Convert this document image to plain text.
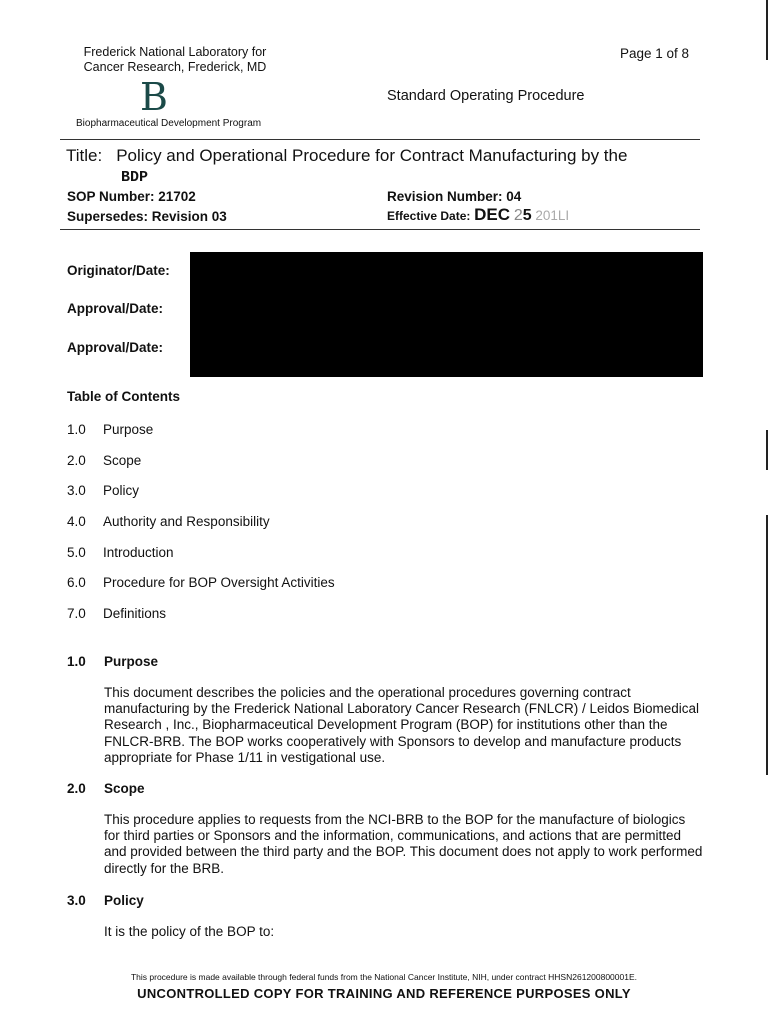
Frederick National Laboratory for
Cancer Research, Frederick, MD
B
Biopharmaceutical Development Program
Page 1 of 8
Standard Operating Procedure
Title: Policy and Operational Procedure for Contract Manufacturing by the
BDP
SOP Number: 21702
Supersedes: Revision 03
Revision Number: 04
Effective Date: DEC 25 201LI
Originator/Date:
Approval/Date:
Approval/Date:
Table of Contents
1.0 Purpose
2.0 Scope
3.0 Policy
4.0 Authority and Responsibility
5.0 Introduction
6.0 Procedure for BOP Oversight Activities
7.0 Definitions
1.0 Purpose
This document describes the policies and the operational procedures governing contract manufacturing by the Frederick National Laboratory Cancer Research (FNLCR) / Leidos Biomedical Research , Inc., Biopharmaceutical Development Program (BOP) for institutions other than the FNLCR-BRB. The BOP works cooperatively with Sponsors to develop and manufacture products appropriate for Phase 1/11 in vestigational use.
2.0 Scope
This procedure applies to requests from the NCI-BRB to the BOP for the manufacture of biologics for third parties or Sponsors and the information, communications, and actions that are permitted and provided between the third party and the BOP. This document does not apply to work performed directly for the BRB.
3.0 Policy
It is the policy of the BOP to:
This procedure is made available through federal funds from the National Cancer Institute, NIH, under contract HHSN261200800001E.
UNCONTROLLED COPY FOR TRAINING AND REFERENCE PURPOSES ONLY
